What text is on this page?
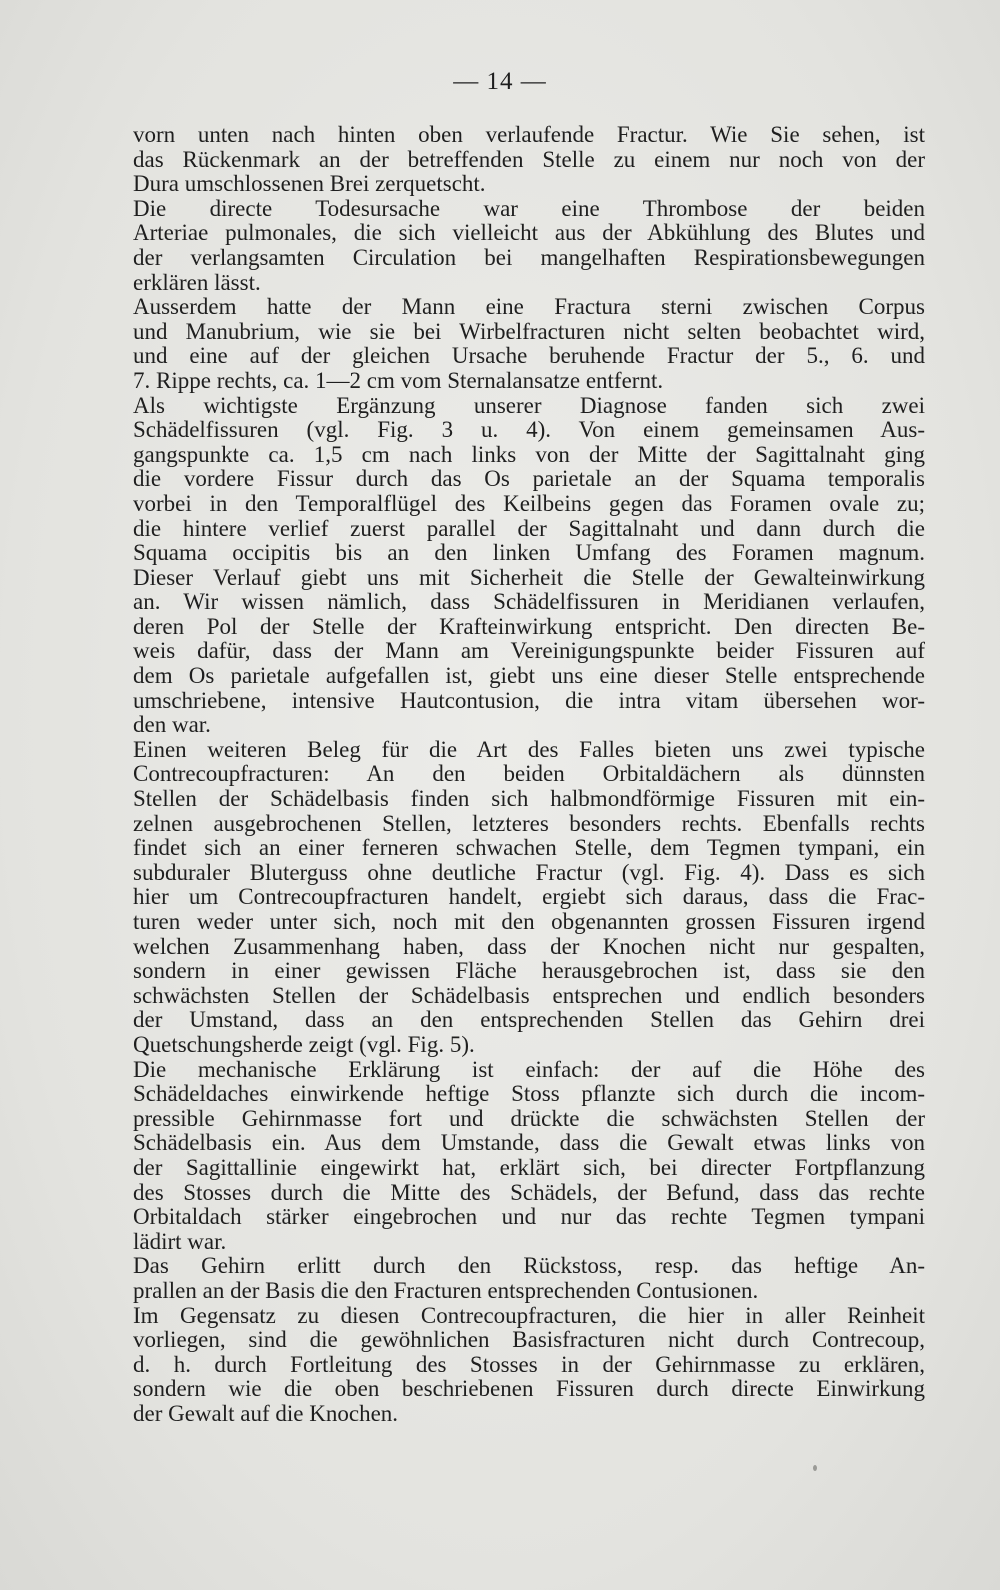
— 14 —
vorn unten nach hinten oben verlaufende Fractur. Wie Sie sehen, ist
das Rückenmark an der betreffenden Stelle zu einem nur noch von der
Dura umschlossenen Brei zerquetscht.
Die directe Todesursache war eine Thrombose der beiden
Arteriae pulmonales, die sich vielleicht aus der Abkühlung des Blutes und
der verlangsamten Circulation bei mangelhaften Respirationsbewegungen
erklären lässt.
Ausserdem hatte der Mann eine Fractura sterni zwischen Corpus
und Manubrium, wie sie bei Wirbelfracturen nicht selten beobachtet wird,
und eine auf der gleichen Ursache beruhende Fractur der 5., 6. und
7. Rippe rechts, ca. 1—2 cm vom Sternalansatze entfernt.
Als wichtigste Ergänzung unserer Diagnose fanden sich zwei
Schädelfissuren (vgl. Fig. 3 u. 4). Von einem gemeinsamen Aus-
gangspunkte ca. 1,5 cm nach links von der Mitte der Sagittalnaht ging
die vordere Fissur durch das Os parietale an der Squama temporalis
vorbei in den Temporalflügel des Keilbeins gegen das Foramen ovale zu;
die hintere verlief zuerst parallel der Sagittalnaht und dann durch die
Squama occipitis bis an den linken Umfang des Foramen magnum.
Dieser Verlauf giebt uns mit Sicherheit die Stelle der Gewalteinwirkung
an. Wir wissen nämlich, dass Schädelfissuren in Meridianen verlaufen,
deren Pol der Stelle der Krafteinwirkung entspricht. Den directen Be-
weis dafür, dass der Mann am Vereinigungspunkte beider Fissuren auf
dem Os parietale aufgefallen ist, giebt uns eine dieser Stelle entsprechende
umschriebene, intensive Hautcontusion, die intra vitam übersehen wor-
den war.
Einen weiteren Beleg für die Art des Falles bieten uns zwei typische
Contrecoupfracturen: An den beiden Orbitaldächern als dünnsten
Stellen der Schädelbasis finden sich halbmondförmige Fissuren mit ein-
zelnen ausgebrochenen Stellen, letzteres besonders rechts. Ebenfalls rechts
findet sich an einer ferneren schwachen Stelle, dem Tegmen tympani, ein
subduraler Bluterguss ohne deutliche Fractur (vgl. Fig. 4). Dass es sich
hier um Contrecoupfracturen handelt, ergiebt sich daraus, dass die Frac-
turen weder unter sich, noch mit den obgenannten grossen Fissuren irgend
welchen Zusammenhang haben, dass der Knochen nicht nur gespalten,
sondern in einer gewissen Fläche herausgebrochen ist, dass sie den
schwächsten Stellen der Schädelbasis entsprechen und endlich besonders
der Umstand, dass an den entsprechenden Stellen das Gehirn drei
Quetschungsherde zeigt (vgl. Fig. 5).
Die mechanische Erklärung ist einfach: der auf die Höhe des
Schädeldaches einwirkende heftige Stoss pflanzte sich durch die incom-
pressible Gehirnmasse fort und drückte die schwächsten Stellen der
Schädelbasis ein. Aus dem Umstande, dass die Gewalt etwas links von
der Sagittallinie eingewirkt hat, erklärt sich, bei directer Fortpflanzung
des Stosses durch die Mitte des Schädels, der Befund, dass das rechte
Orbitaldach stärker eingebrochen und nur das rechte Tegmen tympani
lädirt war.
Das Gehirn erlitt durch den Rückstoss, resp. das heftige An-
prallen an der Basis die den Fracturen entsprechenden Contusionen.
Im Gegensatz zu diesen Contrecoupfracturen, die hier in aller Reinheit
vorliegen, sind die gewöhnlichen Basisfracturen nicht durch Contrecoup,
d. h. durch Fortleitung des Stosses in der Gehirnmasse zu erklären,
sondern wie die oben beschriebenen Fissuren durch directe Einwirkung
der Gewalt auf die Knochen.
